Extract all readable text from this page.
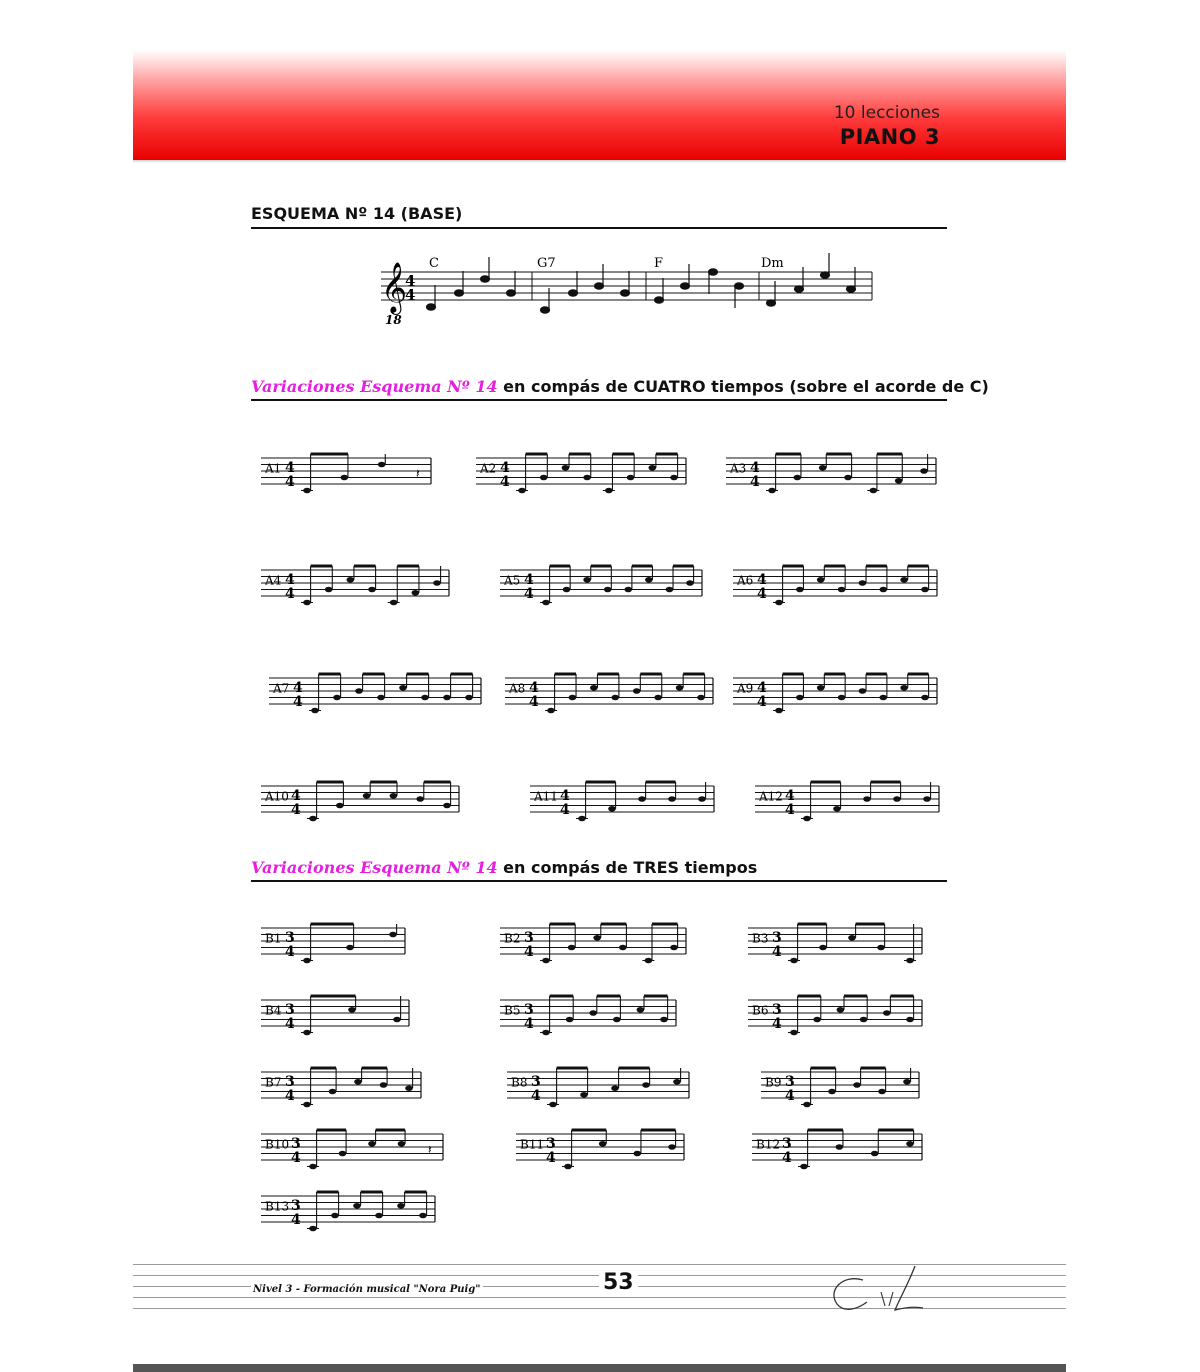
10 lecciones
PIANO 3
ESQUEMA Nº 14 (BASE)
𝄞
4
4
18
C	G7	F	Dm
Variaciones Esquema Nº 14 en compás de CUATRO tiempos (sobre el acorde de C)
A1 4
4
𝄽	A2 4
4
A3 4
4
A4 4
4
A5 4
4
A6 4
4
A7 4
4
A8 4
4
A9 4
4
A10 4
4
A11 4
4
A12 4
4
Variaciones Esquema Nº 14 en compás de TRES tiempos
B1 3
4
B2 3
4
B3 3
4
B4 3
4
B5 3
4
B6 3
4
B7 3
4
B8 3
4
B9 3
4
B10 3
4
𝄽	B11 3
4
B12 3
4
B13 3
4
Nivel 3 - Formación musical "Nora Puig"	53
